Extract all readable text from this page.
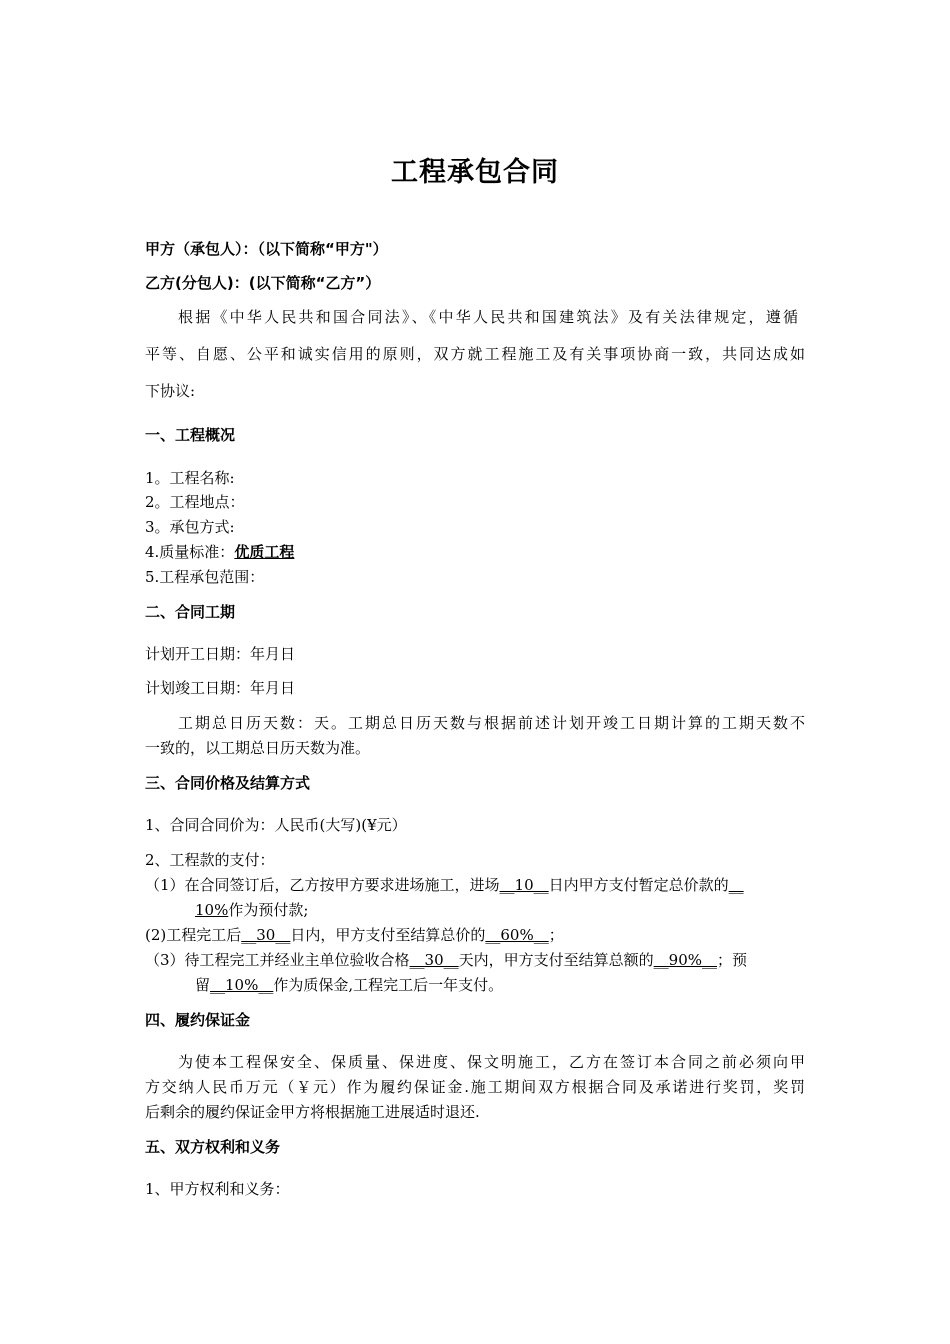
工程承包合同
甲方（承包人）：（以下简称“甲方"）
乙方(分包人)：(以下简称“乙方”）
根据《中华人民共和国合同法》、《中华人民共和国建筑法》及有关法律规定，遵循
平等、自愿、公平和诚实信用的原则，双方就工程施工及有关事项协商一致，共同达成如
下协议:
一、工程概况
1。工程名称:
2。工程地点：
3。承包方式:
4.质量标准：优质工程
5.工程承包范围：
二、合同工期
计划开工日期：年月日
计划竣工日期：年月日
工期总日历天数：天。工期总日历天数与根据前述计划开竣工日期计算的工期天数不
一致的，以工期总日历天数为准。
三、合同价格及结算方式
1、合同合同价为：人民币(大写)(¥元）
2、工程款的支付：
（1）在合同签订后，乙方按甲方要求进场施工，进场__10__日内甲方支付暂定总价款的__
10%作为预付款;
(2)工程完工后__30__日内，甲方支付至结算总价的__60%__；
（3）待工程完工并经业主单位验收合格__30__天内，甲方支付至结算总额的__90%__；预
留__10%__作为质保金,工程完工后一年支付。
四、履约保证金
为使本工程保安全、保质量、保进度、保文明施工，乙方在签订本合同之前必须向甲
方交纳人民币万元（￥元）作为履约保证金.施工期间双方根据合同及承诺进行奖罚，奖罚
后剩余的履约保证金甲方将根据施工进展适时退还.
五、双方权利和义务
1、甲方权利和义务：
